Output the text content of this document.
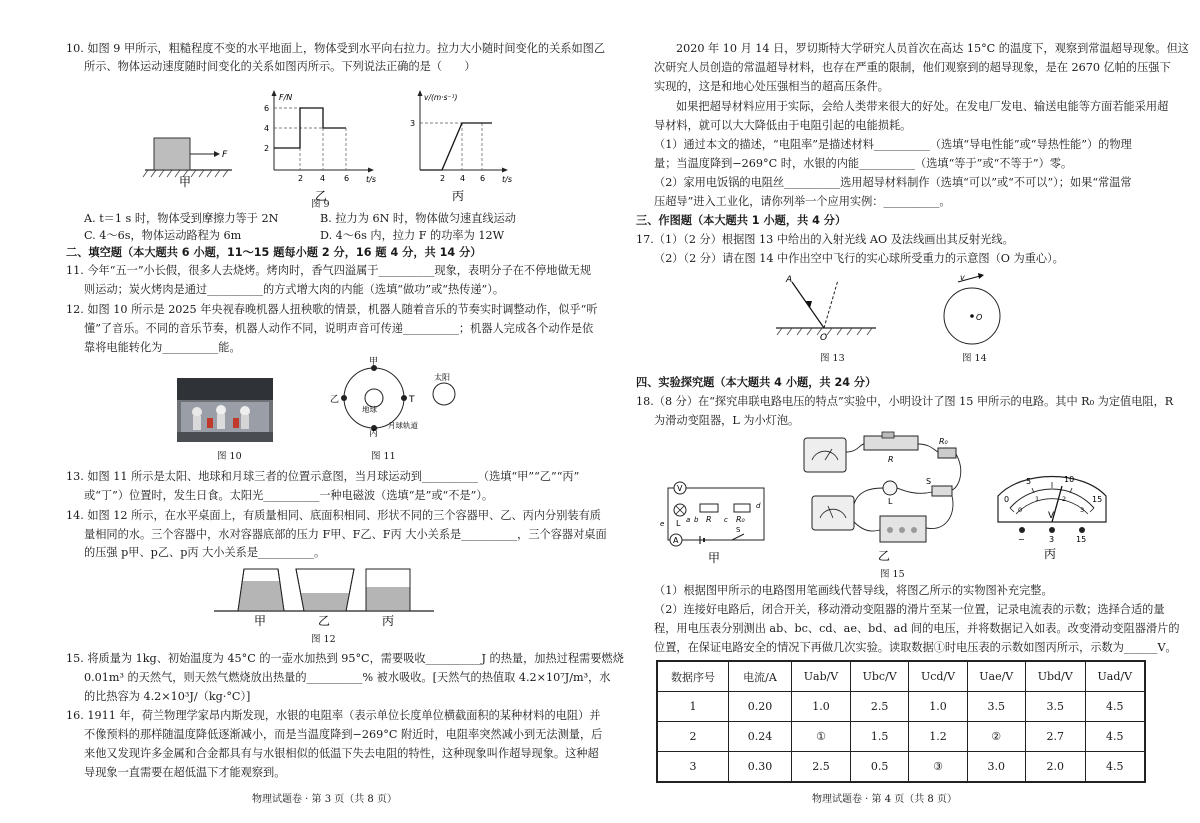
10. 如图 9 甲所示，粗糙程度不变的水平地面上，物体受到水平向右拉力。拉力大小随时间变化的关系如图乙
所示、物体运动速度随时间变化的关系如图丙所示。下列说法正确的是（　　）
F
甲
F/N
t/s
2
4
6
2 4 6
乙
v/(m·s⁻¹)
t/s
3
2 4 6
丙
图 9
A. t＝1 s 时，物体受到摩擦力等于 2N	B. 拉力为 6N 时，物体做匀速直线运动
C. 4～6s，物体运动路程为 6m	D. 4～6s 内，拉力 F 的功率为 12W
二、填空题（本大题共 6 小题，11～15 题每小题 2 分，16 题 4 分，共 14 分）
11. 今年“五一”小长假，很多人去烧烤。烤肉时，香气四溢属于__________现象，表明分子在不停地做无规
则运动；炭火烤肉是通过__________的方式增大肉的内能（选填“做功”或“热传递”）。
12. 如图 10 所示是 2025 年央视春晚机器人扭秧歌的情景，机器人随着音乐的节奏实时调整动作，似乎“听
懂”了音乐。不同的音乐节奏，机器人动作不同，说明声音可传递__________；机器人完成各个动作是依
靠将电能转化为__________能。
图 10
地球
甲
乙	T
丙
月球轨道
太阳
图 11
13. 如图 11 所示是太阳、地球和月球三者的位置示意图，当月球运动到__________（选填“甲”“乙”“丙”
或“丁”）位置时，发生日食。太阳光__________一种电磁波（选填“是”或“不是”）。
14. 如图 12 所示，在水平桌面上，有质量相同、底面积相同、形状不同的三个容器甲、乙、丙内分别装有质
量相同的水。三个容器中，水对容器底部的压力 F甲、F乙、F丙 大小关系是__________，三个容器对桌面
的压强 p甲、p乙、p丙 大小关系是__________。
甲	乙	丙
图 12
15. 将质量为 1kg、初始温度为 45°C 的一壶水加热到 95°C，需要吸收__________J 的热量，加热过程需要燃烧
0.01m³ 的天然气，则天然气燃烧放出热量的__________% 被水吸收。[天然气的热值取 4.2×10⁷J/m³，水
的比热容为 4.2×10³J/（kg·°C）]
16. 1911 年，荷兰物理学家昂内斯发现，水银的电阻率（表示单位长度单位横截面积的某种材料的电阻）并
不像预料的那样随温度降低逐渐减小，而是当温度降到−269°C 附近时，电阻率突然减小到无法测量，后
来他又发现许多金属和合金都具有与水银相似的低温下失去电阻的特性，这种现象叫作超导现象。这种超
导现象一直需要在超低温下才能观察到。
物理试题卷 · 第 3 页（共 8 页）
2020 年 10 月 14 日，罗切斯特大学研究人员首次在高达 15°C 的温度下，观察到常温超导现象。但这
次研究人员创造的常温超导材料，也存在严重的限制，他们观察到的超导现象，是在 2670 亿帕的压强下
实现的，这是和地心处压强相当的超高压条件。
如果把超导材料应用于实际，会给人类带来很大的好处。在发电厂发电、输送电能等方面若能采用超
导材料，就可以大大降低由于电阻引起的电能损耗。
（1）通过本文的描述，“电阻率”是描述材料__________（选填“导电性能”或“导热性能”）的物理
量；当温度降到−269°C 时，水银的内能__________（选填“等于”或“不等于”）零。
（2）家用电饭锅的电阻丝__________选用超导材料制作（选填“可以”或“不可以”）；如果“常温常
压超导”进入工业化，请你列举一个应用实例：__________。
三、作图题（本大题共 1 小题，共 4 分）
17.（1）（2 分）根据图 13 中给出的入射光线 AO 及法线画出其反射光线。
（2）（2 分）请在图 14 中作出空中飞行的实心球所受重力的示意图（O 为重心）。
A
O
图 13
v
O
图 14
四、实验探究题（本大题共 4 小题，共 24 分）
18.（8 分）在“探究串联电路电压的特点”实验中，小明设计了图 15 甲所示的电路。其中 R₀ 为定值电阻，R
为滑动变阻器，L 为小灯泡。
V
L	R	R₀
a b	c
d
e
A
S
甲
R
R₀
L
S
乙
0
5	10
15
0
1	2
3
V
−	3	15
丙
图 15
（1）根据图甲所示的电路图用笔画线代替导线，将图乙所示的实物图补充完整。
（2）连接好电路后，闭合开关，移动滑动变阻器的滑片至某一位置，记录电流表的示数；选择合适的量
程，用电压表分别测出 ab、bc、cd、ae、bd、ad 间的电压，并将数据记入如表。改变滑动变阻器滑片的
位置，在保证电路安全的情况下再做几次实验。读取数据①时电压表的示数如图丙所示，示数为______V。
数据序号	电流/A	Uab/V	Ubc/V	Ucd/V	Uae/V	Ubd/V	Uad/V
1	0.20	1.0	2.5	1.0	3.5	3.5	4.5
2	0.24	①	1.5	1.2	②	2.7	4.5
3	0.30	2.5	0.5	③	3.0	2.0	4.5
物理试题卷 · 第 4 页（共 8 页）
